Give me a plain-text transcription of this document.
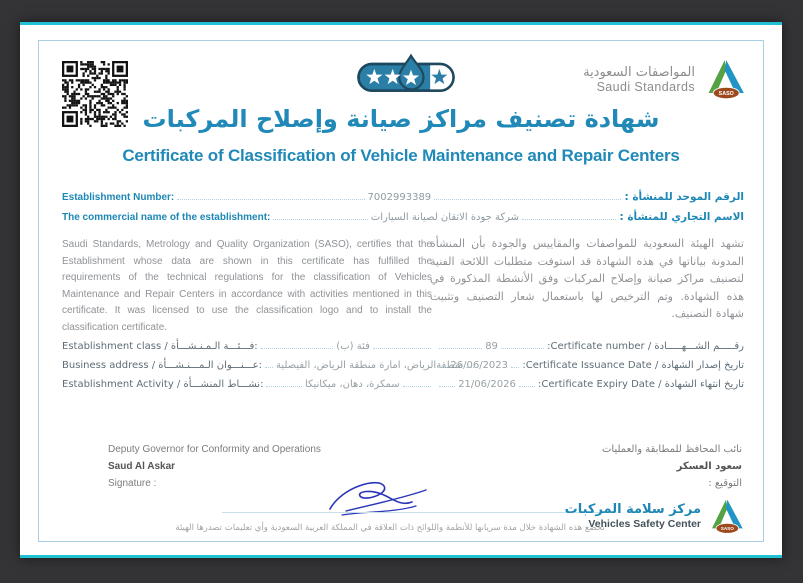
المواصفات السعودية
Saudi Standards
SASO
شهادة تصنيف مراكز صيانة وإصلاح المركبات
Certificate of Classification of Vehicle Maintenance and Repair Centers
Establishment Number:	7002993389	الرقم الموحد للمنشأة :
The commercial name of the establishment:	شركة جودة الاتقان لصيانة السيارات	الاسم التجاري للمنشأة :
Saudi Standards, Metrology and Quality Organization (SASO), certifies that the Establishment whose data are shown in this certificate has fulfilled the requirements of the technical regulations for the classification of Vehicles Maintenance and Repair Centers in accordance with activities mentioned in this certificate. It was licensed to use the classification logo and to install the classification certificate.
تشهد الهيئة السعودية للمواصفات والمقاييس والجودة بأن المنشأة المدونة بياناتها في هذه الشهادة قد استوفت متطلبات اللائحة الفنية لتصنيف مراكز صيانة وإصلاح المركبات وفق الأنشطة المذكورة في هذه الشهادة. وتم الترخيص لها باستعمال شعار التصنيف وتثبيت شهادة التصنيف.
Establishment class / فـــئـــة الـمـنـشـــأة:	فئة (ب)
Business address / عـــنـــوان الـمـــنـشـــأة: منطقةالرياض، امارة منطقة الرياض، الفيصلية
Establishment Activity / نشـــاط المنشـــأة:	سمكرة، دهان، ميكانيكا
رقـــــم الشـــهـــــادة / Certificate number:
89
تاريخ إصدار الشهادة / Certificate Issuance Date:
26/06/2023
تاريخ انتهاء الشهادة / Certificate Expiry Date:
21/06/2026
Deputy Governor for Conformity and Operations
Saud Al Askar
Signature :
نائب المحافظ للمطابقة والعمليات
سعود العسكر
التوقيع :
تخضع هذه الشهادة خلال مدة سريانها للأنظمة واللوائح ذات العلاقة في المملكة العربية السعودية وأي تعليمات تصدرها الهيئة
مركز سلامة المركبات
Vehicles Safety Center	SASO
